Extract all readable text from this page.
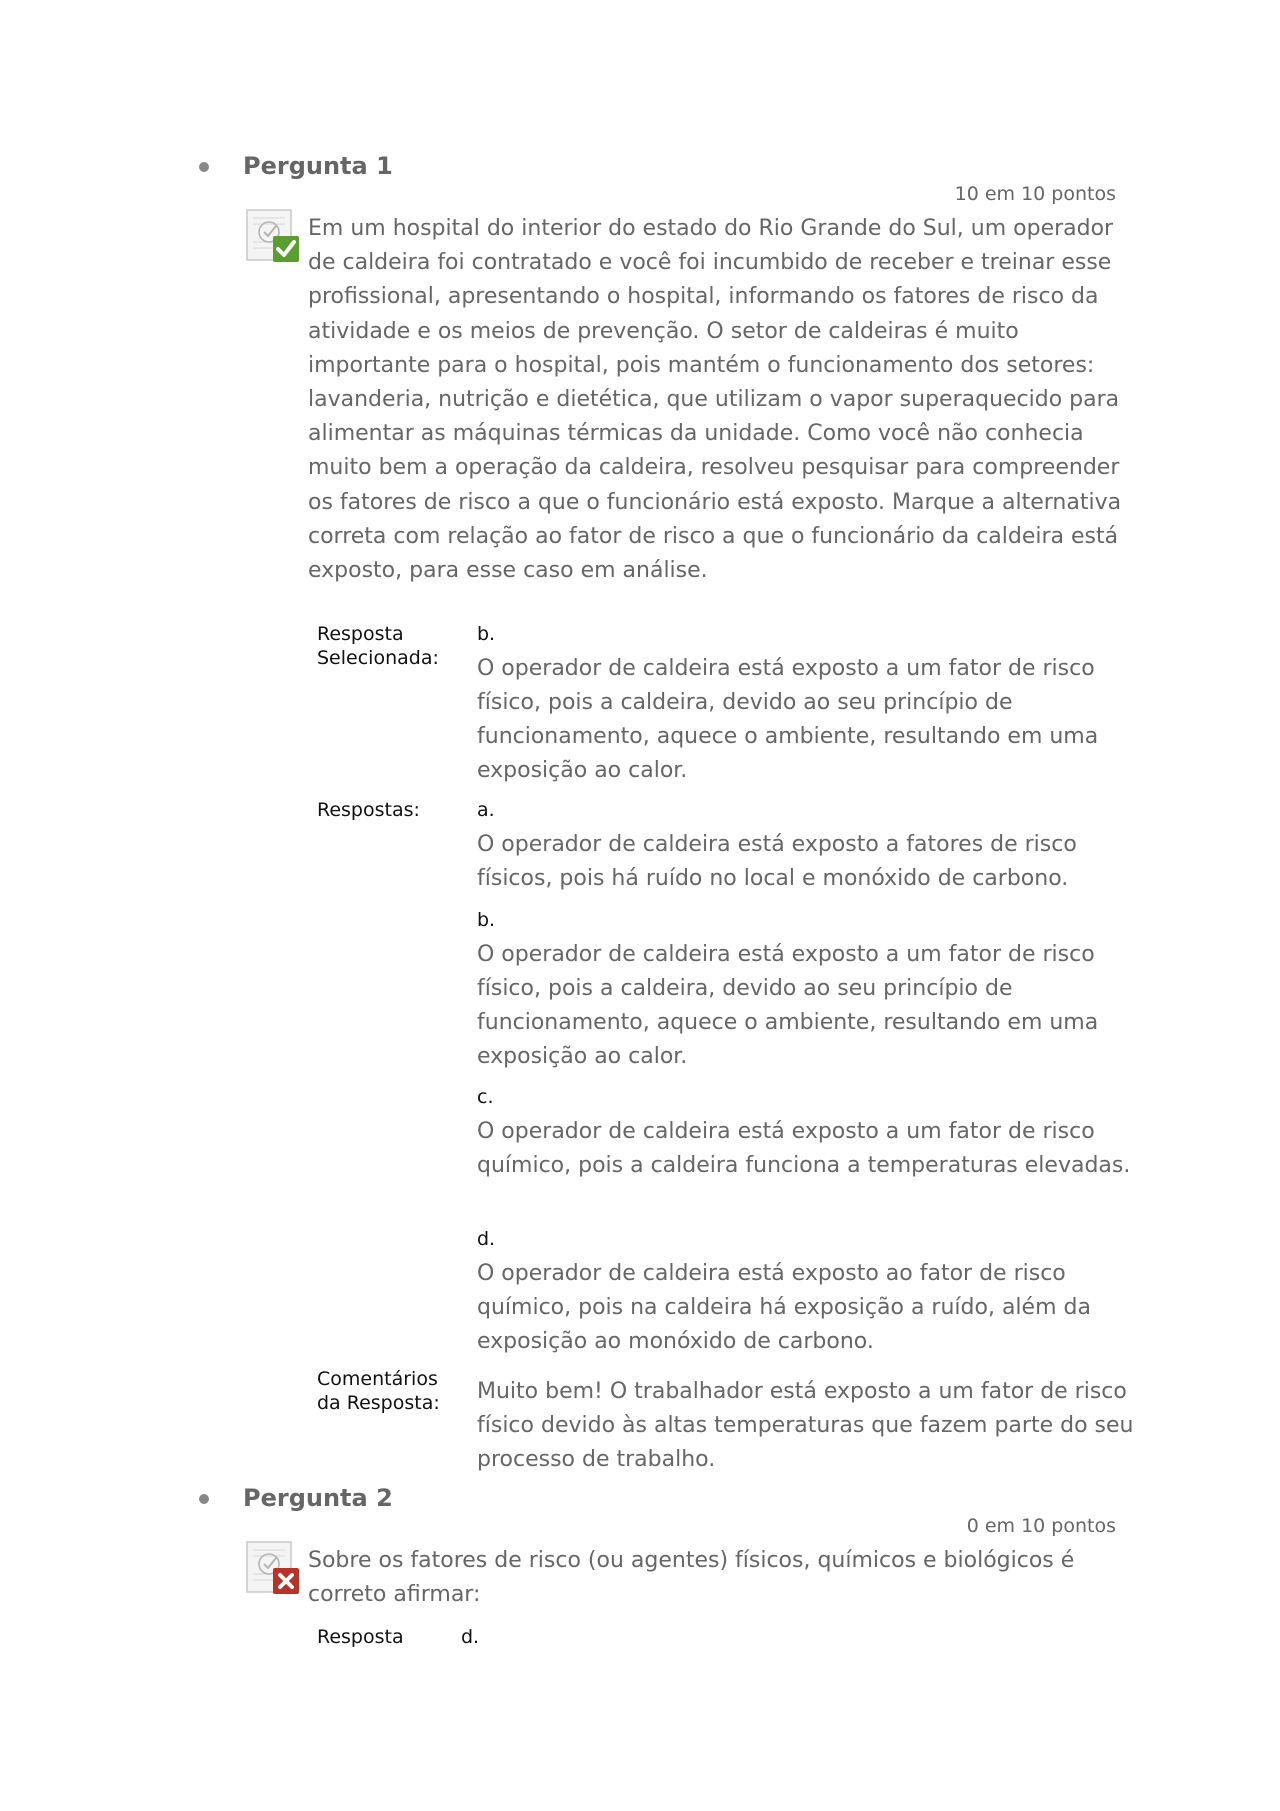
Pergunta 1
10 em 10 pontos
Em um hospital do interior do estado do Rio Grande do Sul, um operador de caldeira foi contratado e você foi incumbido de receber e treinar esse profissional, apresentando o hospital, informando os fatores de risco da atividade e os meios de prevenção. O setor de caldeiras é muito importante para o hospital, pois mantém o funcionamento dos setores: lavanderia, nutrição e dietética, que utilizam o vapor superaquecido para alimentar as máquinas térmicas da unidade. Como você não conhecia muito bem a operação da caldeira, resolveu pesquisar para compreender os fatores de risco a que o funcionário está exposto. Marque a alternativa correta com relação ao fator de risco a que o funcionário da caldeira está exposto, para esse caso em análise.
Resposta Selecionada:
b.
O operador de caldeira está exposto a um fator de risco físico, pois a caldeira, devido ao seu princípio de funcionamento, aquece o ambiente, resultando em uma exposição ao calor.
Respostas:	a.
O operador de caldeira está exposto a fatores de risco físicos, pois há ruído no local e monóxido de carbono.
b.
O operador de caldeira está exposto a um fator de risco físico, pois a caldeira, devido ao seu princípio de funcionamento, aquece o ambiente, resultando em uma exposição ao calor.
c.
O operador de caldeira está exposto a um fator de risco químico, pois a caldeira funciona a temperaturas elevadas.
d.
O operador de caldeira está exposto ao fator de risco químico, pois na caldeira há exposição a ruído, além da exposição ao monóxido de carbono.
Comentários da Resposta:	Muito bem! O trabalhador está exposto a um fator de risco físico devido às altas temperaturas que fazem parte do seu processo de trabalho.
Pergunta 2
0 em 10 pontos
Sobre os fatores de risco (ou agentes) físicos, químicos e biológicos é correto afirmar:
Resposta	d.
